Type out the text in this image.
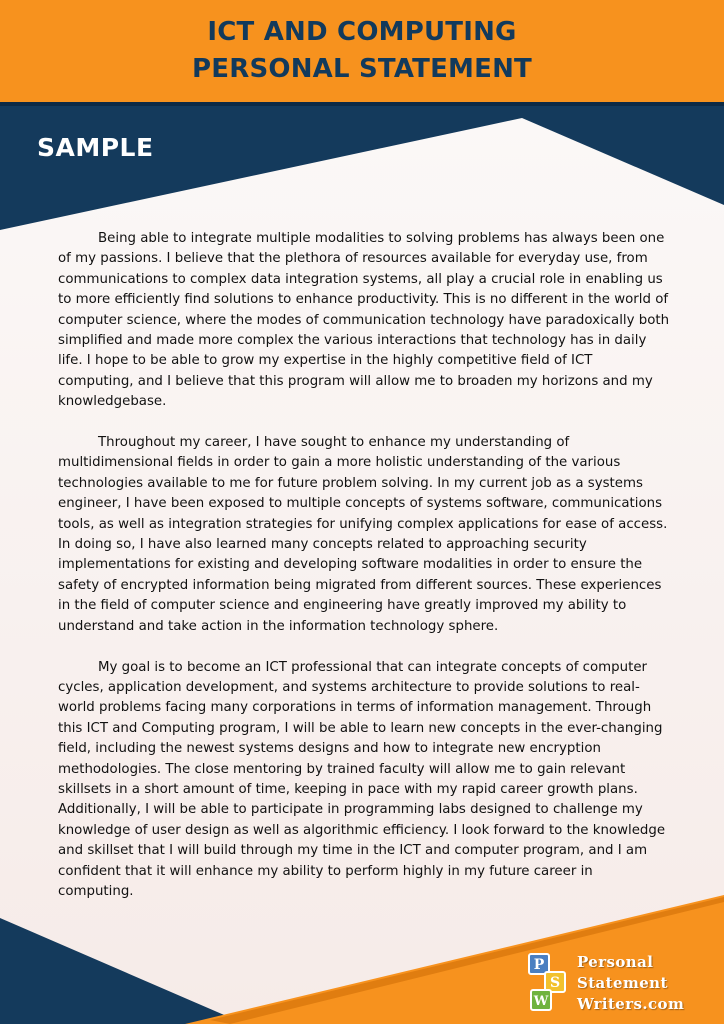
ICT AND COMPUTING
PERSONAL STATEMENT
SAMPLE

Being able to integrate multiple modalities to solving problems has always been one of my passions. I believe that the plethora of resources available for everyday use, from communications to complex data integration systems, all play a crucial role in enabling us to more efficiently find solutions to enhance productivity. This is no different in the world of computer science, where the modes of communication technology have paradoxically both simplified and made more complex the various interactions that technology has in daily life. I hope to be able to grow my expertise in the highly competitive field of ICT computing, and I believe that this program will allow me to broaden my horizons and my knowledgebase.

Throughout my career, I have sought to enhance my understanding of multidimensional fields in order to gain a more holistic understanding of the various technologies available to me for future problem solving. In my current job as a systems engineer, I have been exposed to multiple concepts of systems software, communications tools, as well as integration strategies for unifying complex applications for ease of access. In doing so, I have also learned many concepts related to approaching security implementations for existing and developing software modalities in order to ensure the safety of encrypted information being migrated from different sources. These experiences in the field of computer science and engineering have greatly improved my ability to understand and take action in the information technology sphere.

My goal is to become an ICT professional that can integrate concepts of computer cycles, application development, and systems architecture to provide solutions to real-world problems facing many corporations in terms of information management. Through this ICT and Computing program, I will be able to learn new concepts in the ever-changing field, including the newest systems designs and how to integrate new encryption methodologies. The close mentoring by trained faculty will allow me to gain relevant skillsets in a short amount of time, keeping in pace with my rapid career growth plans. Additionally, I will be able to participate in programming labs designed to challenge my knowledge of user design as well as algorithmic efficiency. I look forward to the knowledge and skillset that I will build through my time in the ICT and computer program, and I am confident that it will enhance my ability to perform highly in my future career in computing.

P
S
W
Personal
Statement
Writers.com
